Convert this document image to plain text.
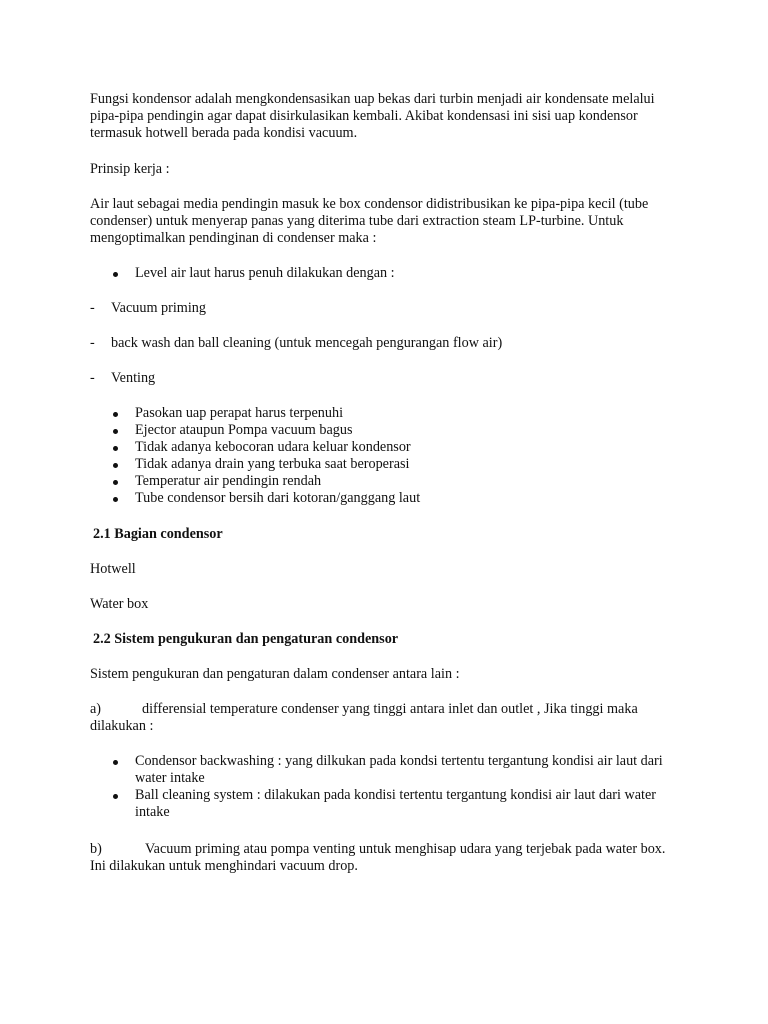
Fungsi kondensor adalah mengkondensasikan uap bekas dari turbin menjadi air kondensate melalui pipa-pipa pendingin agar dapat disirkulasikan kembali. Akibat kondensasi ini sisi uap kondensor termasuk hotwell berada pada kondisi vacuum.

Prinsip kerja :

Air laut sebagai media pendingin masuk ke box condensor didistribusikan ke pipa-pipa kecil (tube condenser) untuk menyerap panas yang diterima tube dari extraction steam LP-turbine. Untuk mengoptimalkan pendinginan di condenser maka :

Level air laut harus penuh dilakukan dengan :

- Vacuum priming

- back wash dan ball cleaning (untuk mencegah pengurangan flow air)

- Venting

Pasokan uap perapat harus terpenuhi
Ejector ataupun Pompa vacuum bagus
Tidak adanya kebocoran udara keluar kondensor
Tidak adanya drain yang terbuka saat beroperasi
Temperatur air pendingin rendah
Tube condensor bersih dari kotoran/ganggang laut

2.1 Bagian condensor

Hotwell

Water box

2.2 Sistem pengukuran dan pengaturan condensor

Sistem pengukuran dan pengaturan dalam condenser antara lain :

a)	differensial temperature condenser yang tinggi antara inlet dan outlet , Jika tinggi maka dilakukan :

Condensor backwashing : yang dilkukan pada kondsi tertentu tergantung kondisi air laut dari water intake
Ball cleaning system : dilakukan pada kondisi tertentu tergantung kondisi air laut dari water intake

b)	Vacuum priming atau pompa venting untuk menghisap udara yang terjebak pada water box. Ini dilakukan untuk menghindari vacuum drop.
